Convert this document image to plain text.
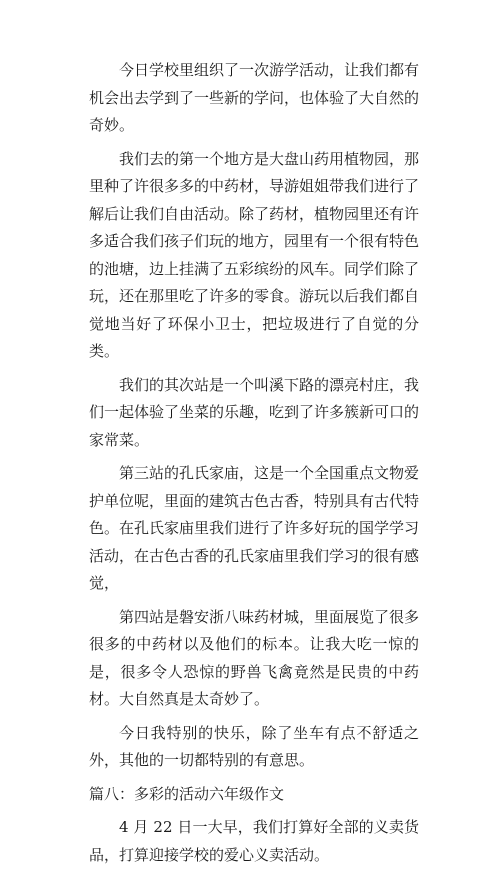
今日学校里组织了一次游学活动，让我们都有机会出去学到了一些新的学问，也体验了大自然的奇妙。

我们去的第一个地方是大盘山药用植物园，那里种了许很多多的中药材，导游姐姐带我们进行了解后让我们自由活动。除了药材，植物园里还有许多适合我们孩子们玩的地方，园里有一个很有特色的池塘，边上挂满了五彩缤纷的风车。同学们除了玩，还在那里吃了许多的零食。游玩以后我们都自觉地当好了环保小卫士，把垃圾进行了自觉的分类。

我们的其次站是一个叫溪下路的漂亮村庄，我们一起体验了坐菜的乐趣，吃到了许多簇新可口的家常菜。

第三站的孔氏家庙，这是一个全国重点文物爱护单位呢，里面的建筑古色古香，特别具有古代特色。在孔氏家庙里我们进行了许多好玩的国学学习活动，在古色古香的孔氏家庙里我们学习的很有感觉，

第四站是磐安浙八味药材城，里面展览了很多很多的中药材以及他们的标本。让我大吃一惊的是，很多令人恐惊的野兽飞禽竟然是民贵的中药材。大自然真是太奇妙了。

今日我特别的快乐，除了坐车有点不舒适之外，其他的一切都特别的有意思。

篇八：多彩的活动六年级作文

4 月 22 日一大早，我们打算好全部的义卖货品，打算迎接学校的爱心义卖活动。
